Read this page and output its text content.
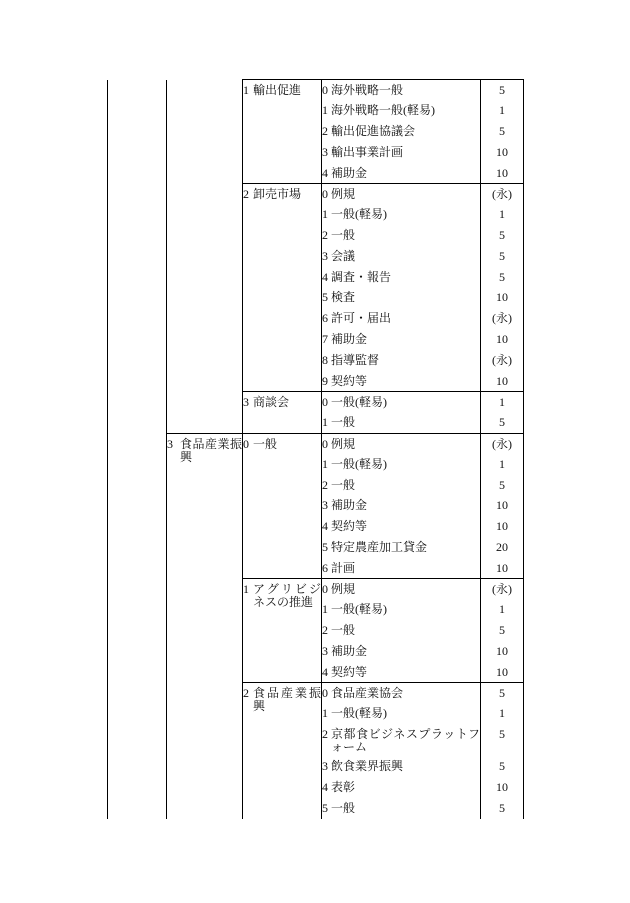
		1 輸出促進	0 海外戦略一般	5

			1 海外戦略一般(軽易)	1

			2 輸出促進協議会	5

			3 輸出事業計画	10

			4 補助金	10

		2 卸売市場	0 例規	(永)

			1 一般(軽易)	1

			2 一般	5

			3 会議	5

			4 調査・報告	5

			5 検査	10

			6 許可・届出	(永)

			7 補助金	10

			8 指導監督	(永)

			9 契約等	10

		3 商談会	0 一般(軽易)	1

			1 一般	5

	3 食品産業振興	0 一般	0 例規	(永)

			1 一般(軽易)	1

			2 一般	5

			3 補助金	10

			4 契約等	10

			5 特定農産加工貸金	20

			6 計画	10

		1 アグリビジネスの推進	0 例規	(永)

			1 一般(軽易)	1

			2 一般	5

			3 補助金	10

			4 契約等	10

		2 食品産業振興	0 食品産業協会	5

			1 一般(軽易)	1

			2 京都食ビジネスプラットフォーム	5

			3 飲食業界振興	5

			4 表彰	10

			5 一般	5
